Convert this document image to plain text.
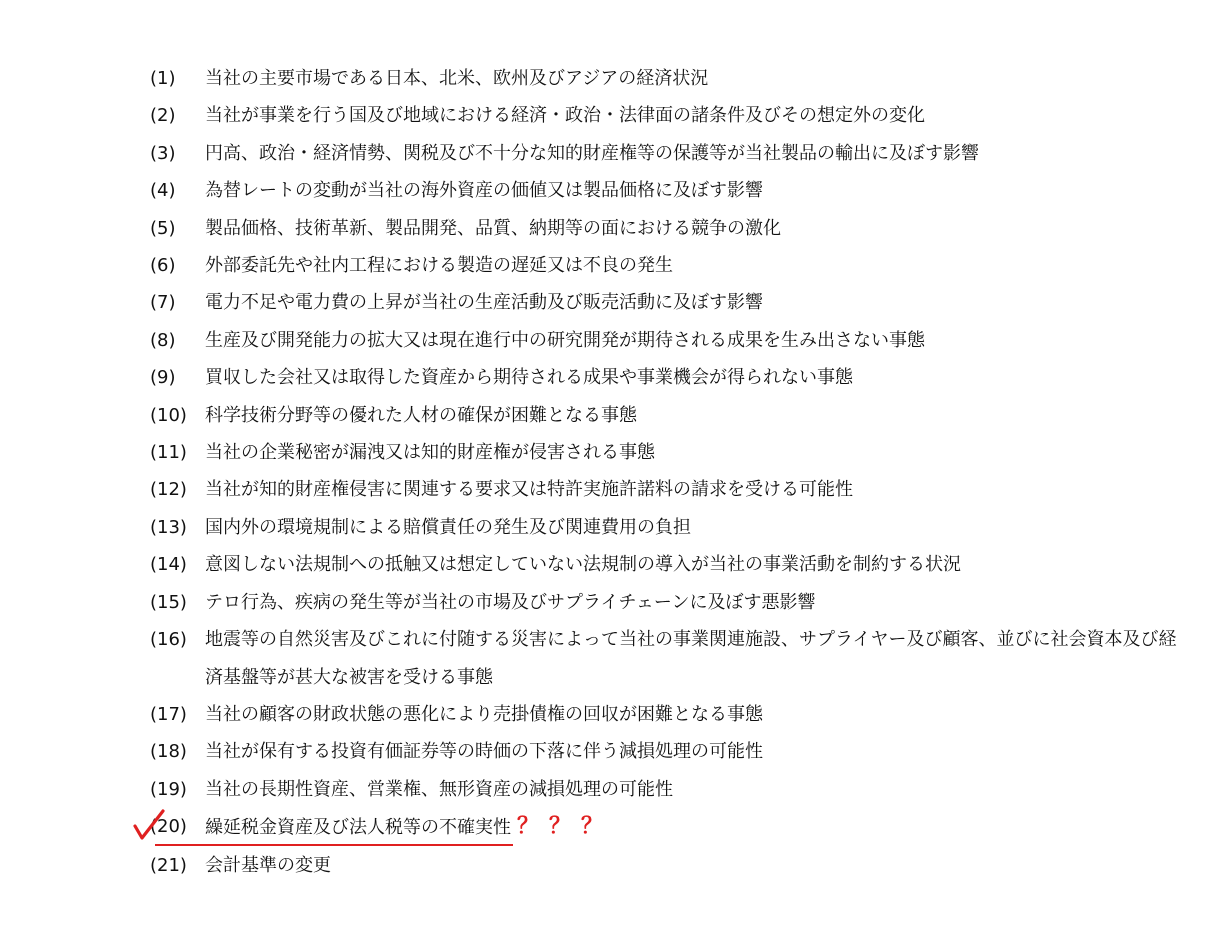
(1)	当社の主要市場である日本、北米、欧州及びアジアの経済状況
(2)	当社が事業を行う国及び地域における経済・政治・法律面の諸条件及びその想定外の変化
(3)	円高、政治・経済情勢、関税及び不十分な知的財産権等の保護等が当社製品の輸出に及ぼす影響
(4)	為替レートの変動が当社の海外資産の価値又は製品価格に及ぼす影響
(5)	製品価格、技術革新、製品開発、品質、納期等の面における競争の激化
(6)	外部委託先や社内工程における製造の遅延又は不良の発生
(7)	電力不足や電力費の上昇が当社の生産活動及び販売活動に及ぼす影響
(8)	生産及び開発能力の拡大又は現在進行中の研究開発が期待される成果を生み出さない事態
(9)	買収した会社又は取得した資産から期待される成果や事業機会が得られない事態
(10)	科学技術分野等の優れた人材の確保が困難となる事態
(11)	当社の企業秘密が漏洩又は知的財産権が侵害される事態
(12)	当社が知的財産権侵害に関連する要求又は特許実施許諾料の請求を受ける可能性
(13)	国内外の環境規制による賠償責任の発生及び関連費用の負担
(14)	意図しない法規制への抵触又は想定していない法規制の導入が当社の事業活動を制約する状況
(15)	テロ行為、疾病の発生等が当社の市場及びサプライチェーンに及ぼす悪影響
(16)	地震等の自然災害及びこれに付随する災害によって当社の事業関連施設、サプライヤー及び顧客、並びに社会資本及び経済基盤等が甚大な被害を受ける事態
(17)	当社の顧客の財政状態の悪化により売掛債権の回収が困難となる事態
(18)	当社が保有する投資有価証券等の時価の下落に伴う減損処理の可能性
(19)	当社の長期性資産、営業権、無形資産の減損処理の可能性
(20)	繰延税金資産及び法人税等の不確実性 ？？？
(21)	会計基準の変更
